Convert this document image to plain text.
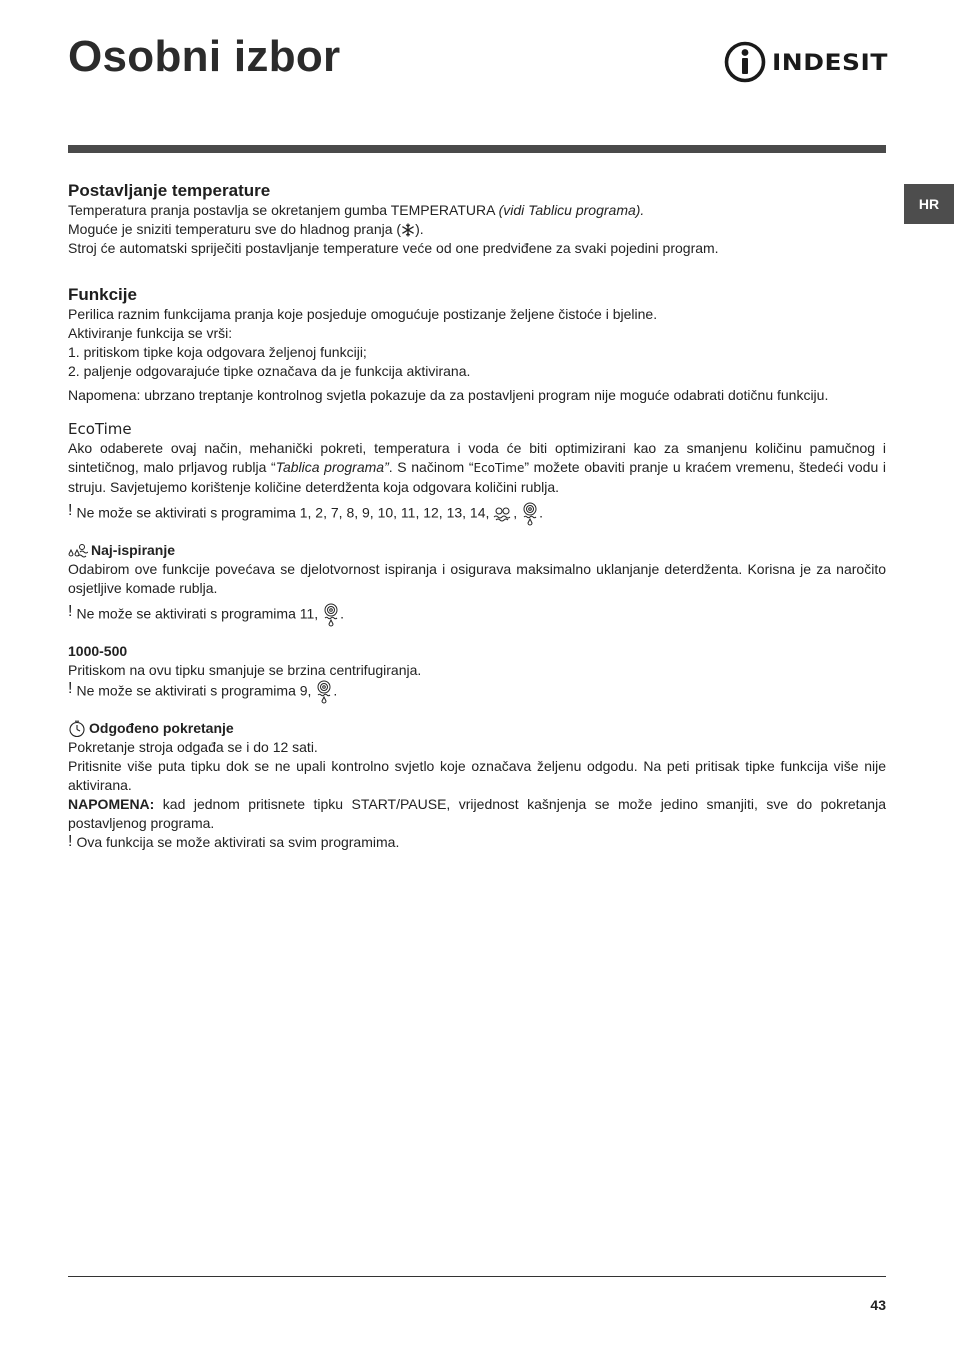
Osobni izbor	INDESIT
HR
Postavljanje temperature

Temperatura pranja postavlja se okretanjem gumba TEMPERATURA (vidi Tablicu programa).

Moguće je sniziti temperaturu sve do hladnog pranja ( ).

Stroj će automatski spriječiti postavljanje temperature veće od one predviđene za svaki pojedini program.

Funkcije

Perilica raznim funkcijama pranja koje posjeduje omogućuje postizanje željene čistoće i bjeline.

Aktiviranje funkcija se vrši:

1. pritiskom tipke koja odgovara željenoj funkciji;

2. paljenje odgovarajuće tipke označava da je funkcija aktivirana.

Napomena: ubrzano treptanje kontrolnog svjetla pokazuje da za postavljeni program nije moguće odabrati dotičnu funkciju.

EcoTime

Ako odaberete ovaj način, mehanički pokreti, temperatura i voda će biti optimizirani kao za smanjenu količinu pamučnog i sintetičnog, malo prljavog rublja “Tablica programa”. S načinom “EcoTime” možete obaviti pranje u kraćem vremenu, štedeći vodu i struju. Savjetujemo korištenje količine deterdženta koja odgovara količini rublja.

! Ne može se aktivirati s programima 1, 2, 7, 8, 9, 10, 11, 12, 13, 14, , .

Naj-ispiranje

Odabirom ove funkcije povećava se djelotvornost ispiranja i osigurava maksimalno uklanjanje deterdženta. Korisna je za naročito osjetljive komade rublja.

! Ne može se aktivirati s programima 11, .

1000-500

Pritiskom na ovu tipku smanjuje se brzina centrifugiranja.

! Ne može se aktivirati s programima 9, .

Odgođeno pokretanje

Pokretanje stroja odgađa se i do 12 sati.

Pritisnite više puta tipku dok se ne upali kontrolno svjetlo koje označava željenu odgodu. Na peti pritisak tipke funkcija više nije aktivirana.

NAPOMENA: kad jednom pritisnete tipku START/PAUSE, vrijednost kašnjenja se može jedino smanjiti, sve do pokretanja postavljenog programa.

! Ova funkcija se može aktivirati sa svim programima.

43
